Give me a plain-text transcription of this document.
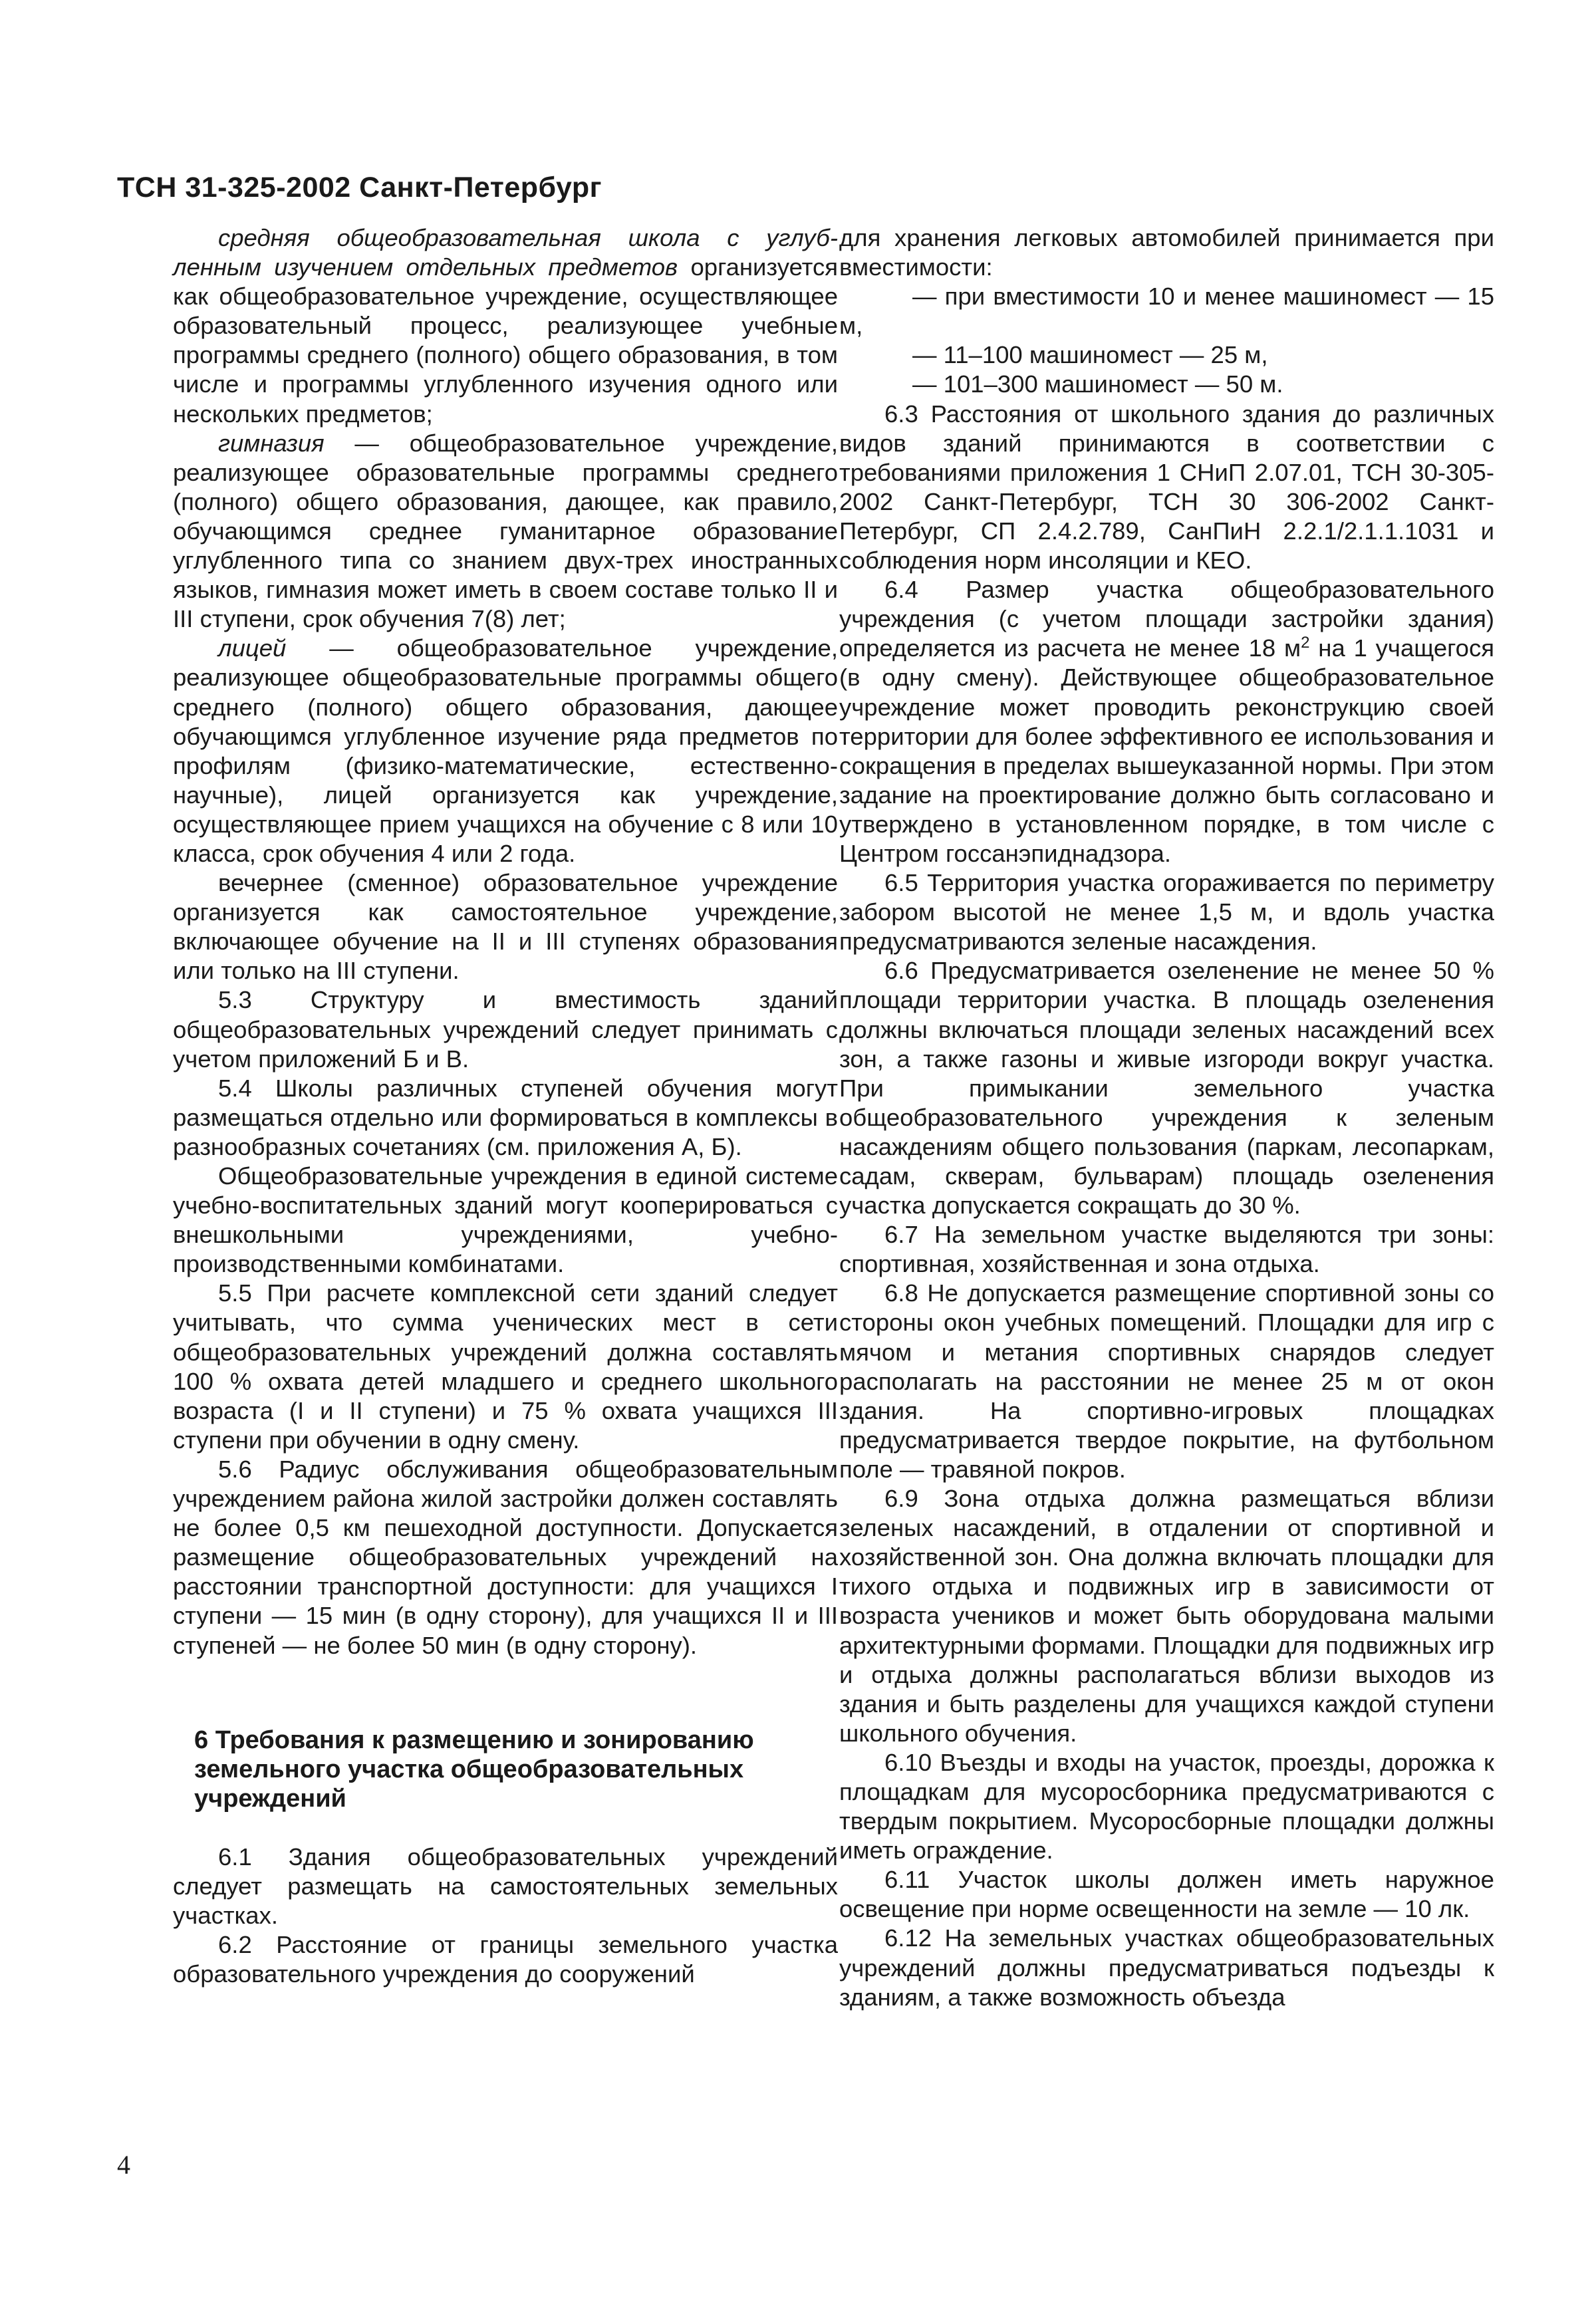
ТСН 31-325-2002 Санкт-Петербург

средняя общеобразовательная школа с углуб-ленным изучением отдельных предметов организуется как общеобразовательное учреждение, осуществляющее образовательный процесс, реализующее учебные программы среднего (полного) общего образования, в том числе и программы углубленного изучения одного или нескольких предметов;

гимназия — общеобразовательное учреждение, реализующее образовательные программы среднего (полного) общего образования, дающее, как правило, обучающимся среднее гуманитарное образование углубленного типа со знанием двух-трех иностранных языков, гимназия может иметь в своем составе только II и III ступени, срок обучения 7(8) лет;

лицей — общеобразовательное учреждение, реализующее общеобразовательные программы общего среднего (полного) общего образования, дающее обучающимся углубленное изучение ряда предметов по профилям (физико-математические, естественно-научные), лицей организуется как учреждение, осуществляющее прием учащихся на обучение с 8 или 10 класса, срок обучения 4 или 2 года.

вечернее (сменное) образовательное учреждение организуется как самостоятельное учреждение, включающее обучение на II и III ступенях образования или только на III ступени.

5.3 Структуру и вместимость зданий общеобразовательных учреждений следует принимать с учетом приложений Б и В.

5.4 Школы различных ступеней обучения могут размещаться отдельно или формироваться в комплексы в разнообразных сочетаниях (см. приложения А, Б).

Общеобразовательные учреждения в единой системе учебно-воспитательных зданий могут кооперироваться с внешкольными учреждениями, учебно-производственными комбинатами.

5.5 При расчете комплексной сети зданий следует учитывать, что сумма ученических мест в сети общеобразовательных учреждений должна составлять 100 % охвата детей младшего и среднего школьного возраста (I и II ступени) и 75 % охвата учащихся III ступени при обучении в одну смену.

5.6 Радиус обслуживания общеобразовательным учреждением района жилой застройки должен составлять не более 0,5 км пешеходной доступности. Допускается размещение общеобразовательных учреждений на расстоянии транспортной доступности: для учащихся I ступени — 15 мин (в одну сторону), для учащихся II и III ступеней — не более 50 мин (в одну сторону).

6 Требования к размещению и зонированию земельного участка общеобразовательных учреждений

6.1 Здания общеобразовательных учреждений следует размещать на самостоятельных земельных участках.

6.2 Расстояние от границы земельного участка образовательного учреждения до сооружений

для хранения легковых автомобилей принимается при вместимости:

— при вместимости 10 и менее машиномест — 15 м,

— 11–100 машиномест — 25 м,

— 101–300 машиномест — 50 м.

6.3 Расстояния от школьного здания до различных видов зданий принимаются в соответствии с требованиями приложения 1 СНиП 2.07.01, ТСН 30-305-2002 Санкт-Петербург, ТСН 30 306-2002 Санкт-Петербург, СП 2.4.2.789, СанПиН 2.2.1/2.1.1.1031 и соблюдения норм инсоляции и КЕО.

6.4 Размер участка общеобразовательного учреждения (с учетом площади застройки здания) определяется из расчета не менее 18 $м^2$ на 1 учащегося (в одну смену). Действующее общеобразовательное учреждение может проводить реконструкцию своей территории для более эффективного ее использования и сокращения в пределах вышеуказанной нормы. При этом задание на проектирование должно быть согласовано и утверждено в установленном порядке, в том числе с Центром госсанэпиднадзора.

6.5 Территория участка огораживается по периметру забором высотой не менее 1,5 м, и вдоль участка предусматриваются зеленые насаждения.

6.6 Предусматривается озеленение не менее 50 % площади территории участка. В площадь озеленения должны включаться площади зеленых насаждений всех зон, а также газоны и живые изгороди вокруг участка. При примыкании земельного участка общеобразовательного учреждения к зеленым насаждениям общего пользования (паркам, лесопаркам, садам, скверам, бульварам) площадь озеленения участка допускается сокращать до 30 %.

6.7 На земельном участке выделяются три зоны: спортивная, хозяйственная и зона отдыха.

6.8 Не допускается размещение спортивной зоны со стороны окон учебных помещений. Площадки для игр с мячом и метания спортивных снарядов следует располагать на расстоянии не менее 25 м от окон здания. На спортивно-игровых площадках предусматривается твердое покрытие, на футбольном поле — травяной покров.

6.9 Зона отдыха должна размещаться вблизи зеленых насаждений, в отдалении от спортивной и хозяйственной зон. Она должна включать площадки для тихого отдыха и подвижных игр в зависимости от возраста учеников и может быть оборудована малыми архитектурными формами. Площадки для подвижных игр и отдыха должны располагаться вблизи выходов из здания и быть разделены для учащихся каждой ступени школьного обучения.

6.10 Въезды и входы на участок, проезды, дорожка к площадкам для мусоросборника предусматриваются с твердым покрытием. Мусоросборные площадки должны иметь ограждение.

6.11 Участок школы должен иметь наружное освещение при норме освещенности на земле — 10 лк.

6.12 На земельных участках общеобразовательных учреждений должны предусматриваться подъезды к зданиям, а также возможность объезда

4
